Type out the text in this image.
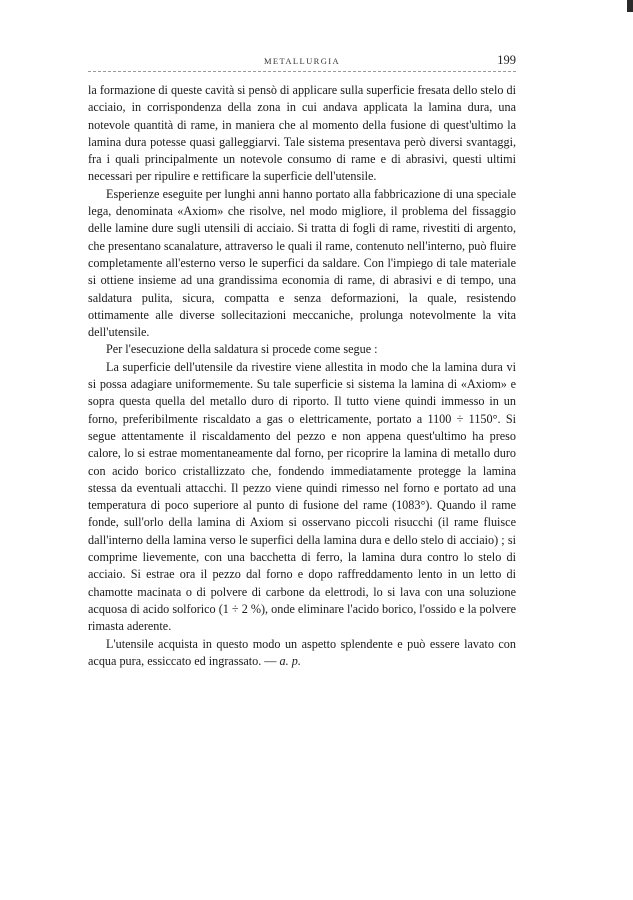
METALLURGIA	199

la formazione di queste cavità si pensò di applicare sulla superficie fresata dello stelo di acciaio, in corrispondenza della zona in cui andava applicata la lamina dura, una notevole quantità di rame, in maniera che al momento della fusione di quest'ultimo la lamina dura potesse quasi galleggiarvi. Tale sistema presentava però diversi svantaggi, fra i quali principalmente un notevole consumo di rame e di abrasivi, questi ultimi necessari per ripulire e rettificare la superficie dell'utensile.

Esperienze eseguite per lunghi anni hanno portato alla fabbricazione di una speciale lega, denominata «Axiom» che risolve, nel modo migliore, il problema del fissaggio delle lamine dure sugli utensili di acciaio. Si tratta di fogli di rame, rivestiti di argento, che presentano scanalature, attraverso le quali il rame, contenuto nell'interno, può fluire completamente all'esterno verso le superfici da saldare. Con l'impiego di tale materiale si ottiene insieme ad una grandissima economia di rame, di abrasivi e di tempo, una saldatura pulita, sicura, compatta e senza deformazioni, la quale, resistendo ottimamente alle diverse sollecitazioni meccaniche, prolunga notevolmente la vita dell'utensile.

Per l'esecuzione della saldatura si procede come segue :

La superficie dell'utensile da rivestire viene allestita in modo che la lamina dura vi si possa adagiare uniformemente. Su tale superficie si sistema la lamina di «Axiom» e sopra questa quella del metallo duro di riporto. Il tutto viene quindi immesso in un forno, preferibilmente riscaldato a gas o elettricamente, portato a 1100 ÷ 1150°. Si segue attentamente il riscaldamento del pezzo e non appena quest'ultimo ha preso calore, lo si estrae momentaneamente dal forno, per ricoprire la lamina di metallo duro con acido borico cristallizzato che, fondendo immediatamente protegge la lamina stessa da eventuali attacchi. Il pezzo viene quindi rimesso nel forno e portato ad una temperatura di poco superiore al punto di fusione del rame (1083°). Quando il rame fonde, sull'orlo della lamina di Axiom si osservano piccoli risucchi (il rame fluisce dall'interno della lamina verso le superfici della lamina dura e dello stelo di acciaio) ; si comprime lievemente, con una bacchetta di ferro, la lamina dura contro lo stelo di acciaio. Si estrae ora il pezzo dal forno e dopo raffreddamento lento in un letto di chamotte macinata o di polvere di carbone da elettrodi, lo si lava con una soluzione acquosa di acido solforico (1 ÷ 2 %), onde eliminare l'acido borico, l'ossido e la polvere rimasta aderente.

L'utensile acquista in questo modo un aspetto splendente e può essere lavato con acqua pura, essiccato ed ingrassato. — a. p.
